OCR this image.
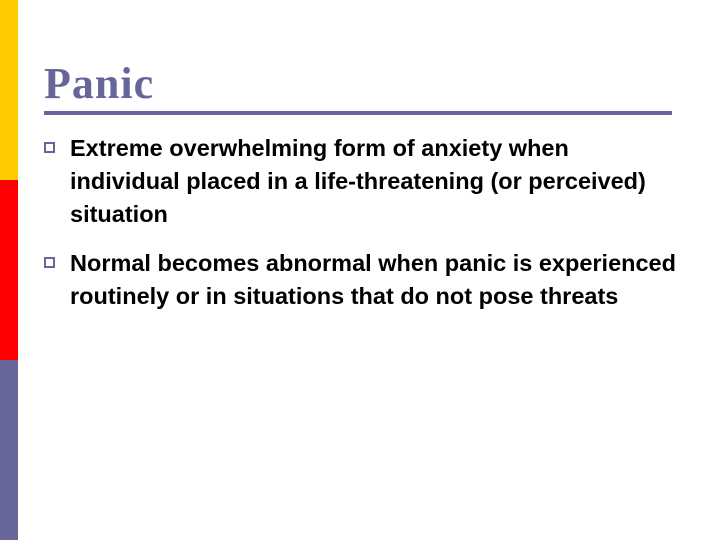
Panic
Extreme overwhelming form of anxiety when individual placed in a life-threatening (or perceived) situation
Normal becomes abnormal when panic is experienced routinely or in situations that do not pose threats
